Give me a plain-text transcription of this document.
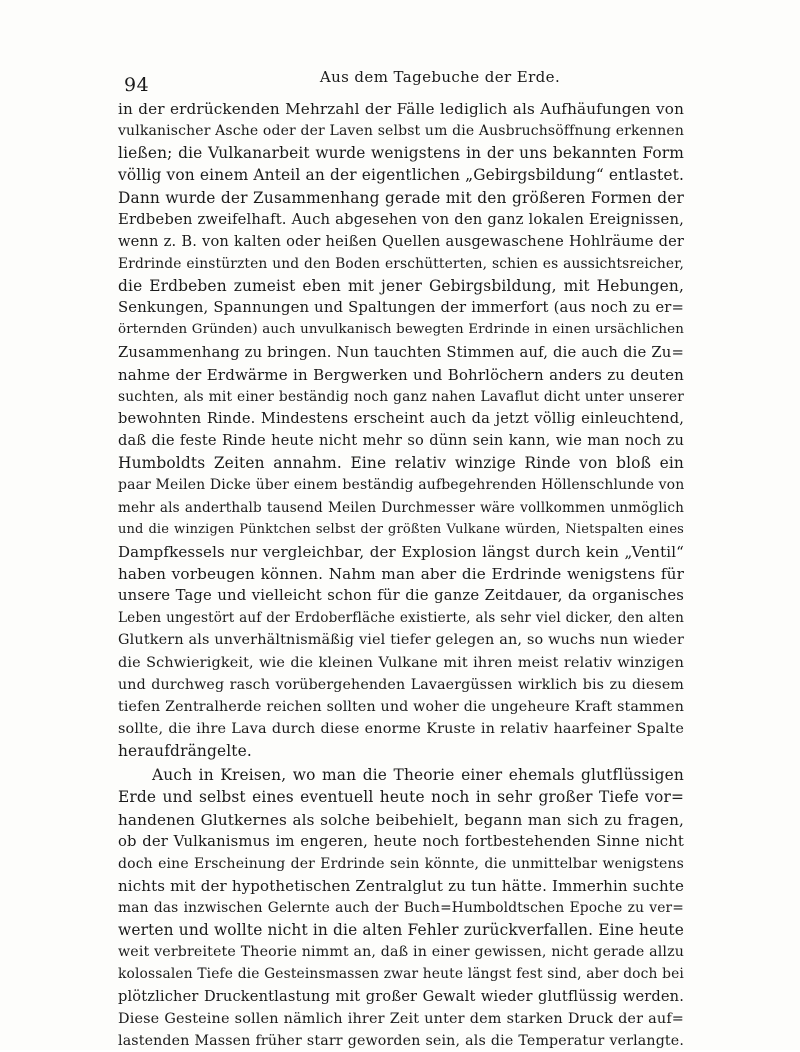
94	Aus dem Tagebuche der Erde.
in der erdrückenden Mehrzahl der Fälle lediglich als Aufhäufungen von
vulkanischer Asche oder der Laven selbst um die Ausbruchsöffnung erkennen
ließen; die Vulkanarbeit wurde wenigstens in der uns bekannten Form
völlig von einem Anteil an der eigentlichen „Gebirgsbildung“ entlastet.
Dann wurde der Zusammenhang gerade mit den größeren Formen der
Erdbeben zweifelhaft. Auch abgesehen von den ganz lokalen Ereignissen,
wenn z. B. von kalten oder heißen Quellen ausgewaschene Hohlräume der
Erdrinde einstürzten und den Boden erschütterten, schien es aussichtsreicher,
die Erdbeben zumeist eben mit jener Gebirgsbildung, mit Hebungen,
Senkungen, Spannungen und Spaltungen der immerfort (aus noch zu er=
örternden Gründen) auch unvulkanisch bewegten Erdrinde in einen ursächlichen
Zusammenhang zu bringen. Nun tauchten Stimmen auf, die auch die Zu=
nahme der Erdwärme in Bergwerken und Bohrlöchern anders zu deuten
suchten, als mit einer beständig noch ganz nahen Lavaflut dicht unter unserer
bewohnten Rinde. Mindestens erscheint auch da jetzt völlig einleuchtend,
daß die feste Rinde heute nicht mehr so dünn sein kann, wie man noch zu
Humboldts Zeiten annahm. Eine relativ winzige Rinde von bloß ein
paar Meilen Dicke über einem beständig aufbegehrenden Höllenschlunde von
mehr als anderthalb tausend Meilen Durchmesser wäre vollkommen unmöglich
und die winzigen Pünktchen selbst der größten Vulkane würden, Nietspalten eines
Dampfkessels nur vergleichbar, der Explosion längst durch kein „Ventil“
haben vorbeugen können. Nahm man aber die Erdrinde wenigstens für
unsere Tage und vielleicht schon für die ganze Zeitdauer, da organisches
Leben ungestört auf der Erdoberfläche existierte, als sehr viel dicker, den alten
Glutkern als unverhältnismäßig viel tiefer gelegen an, so wuchs nun wieder
die Schwierigkeit, wie die kleinen Vulkane mit ihren meist relativ winzigen
und durchweg rasch vorübergehenden Lavaergüssen wirklich bis zu diesem
tiefen Zentralherde reichen sollten und woher die ungeheure Kraft stammen
sollte, die ihre Lava durch diese enorme Kruste in relativ haarfeiner Spalte
heraufdrängelte.
Auch in Kreisen, wo man die Theorie einer ehemals glutflüssigen
Erde und selbst eines eventuell heute noch in sehr großer Tiefe vor=
handenen Glutkernes als solche beibehielt, begann man sich zu fragen,
ob der Vulkanismus im engeren, heute noch fortbestehenden Sinne nicht
doch eine Erscheinung der Erdrinde sein könnte, die unmittelbar wenigstens
nichts mit der hypothetischen Zentralglut zu tun hätte. Immerhin suchte
man das inzwischen Gelernte auch der Buch=Humboldtschen Epoche zu ver=
werten und wollte nicht in die alten Fehler zurückverfallen. Eine heute
weit verbreitete Theorie nimmt an, daß in einer gewissen, nicht gerade allzu
kolossalen Tiefe die Gesteinsmassen zwar heute längst fest sind, aber doch bei
plötzlicher Druckentlastung mit großer Gewalt wieder glutflüssig werden.
Diese Gesteine sollen nämlich ihrer Zeit unter dem starken Druck der auf=
lastenden Massen früher starr geworden sein, als die Temperatur verlangte.
